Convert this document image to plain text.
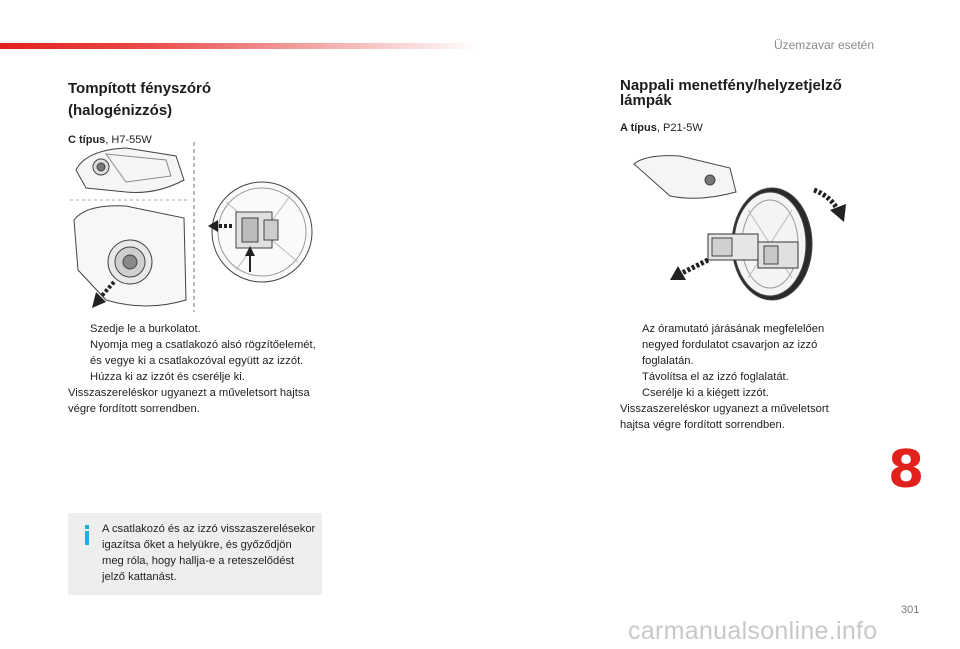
Üzemzavar esetén
Tompított fényszóró (halogénizzós)
C típus, H7-55W
Szedje le a burkolatot.
Nyomja meg a csatlakozó alsó rögzítőelemét, és vegye ki a csatlakozóval együtt az izzót.
Húzza ki az izzót és cserélje ki.
Visszaszereléskor ugyanezt a műveletsort hajtsa végre fordított sorrendben.
A csatlakozó és az izzó visszaszerelésekor igazítsa őket a helyükre, és győződjön meg róla, hogy hallja-e a reteszelődést jelző kattanást.
Nappali menetfény/helyzetjelző lámpák
A típus, P21-5W
Az óramutató járásának megfelelően negyed fordulatot csavarjon az izzó foglalatán.
Távolítsa el az izzó foglalatát.
Cserélje ki a kiégett izzót.
Visszaszereléskor ugyanezt a műveletsort hajtsa végre fordított sorrendben.
8
301
carmanualsonline.info
